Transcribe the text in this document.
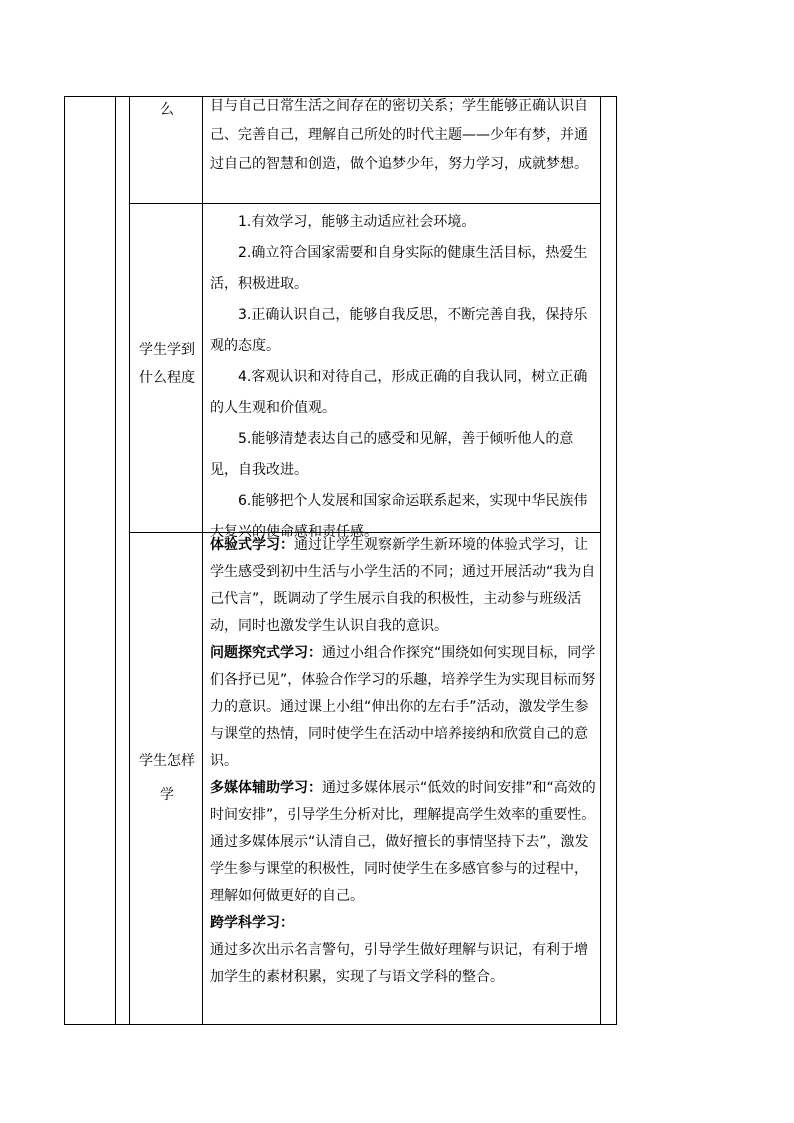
么	目与自己日常生活之间存在的密切关系；学生能够正确认识自己、完善自己，理解自己所处的时代主题——少年有梦，并通过自己的智慧和创造，做个追梦少年，努力学习，成就梦想。

学生学到什么程度

1.有效学习，能够主动适应社会环境。

2.确立符合国家需要和自身实际的健康生活目标，热爱生活，积极进取。

3.正确认识自己，能够自我反思，不断完善自我，保持乐观的态度。

4.客观认识和对待自己，形成正确的自我认同，树立正确的人生观和价值观。

5.能够清楚表达自己的感受和见解，善于倾听他人的意见，自我改进。

6.能够把个人发展和国家命运联系起来，实现中华民族伟大复兴的使命感和责任感。

学生怎样学

体验式学习：通过让学生观察新学生新环境的体验式学习，让学生感受到初中生活与小学生活的不同；通过开展活动“我为自己代言”，既调动了学生展示自我的积极性，主动参与班级活动，同时也激发学生认识自我的意识。

问题探究式学习：通过小组合作探究“围绕如何实现目标，同学们各抒已见”，体验合作学习的乐趣，培养学生为实现目标而努力的意识。通过课上小组“伸出你的左右手”活动，激发学生参与课堂的热情，同时使学生在活动中培养接纳和欣赏自己的意识。

多媒体辅助学习：通过多媒体展示“低效的时间安排”和“高效的时间安排”，引导学生分析对比，理解提高学生效率的重要性。

通过多媒体展示“认清自己，做好擅长的事情坚持下去”，激发学生参与课堂的积极性，同时使学生在多感官参与的过程中，理解如何做更好的自己。

跨学科学习：

通过多次出示名言警句，引导学生做好理解与识记，有利于增加学生的素材积累，实现了与语文学科的整合。
